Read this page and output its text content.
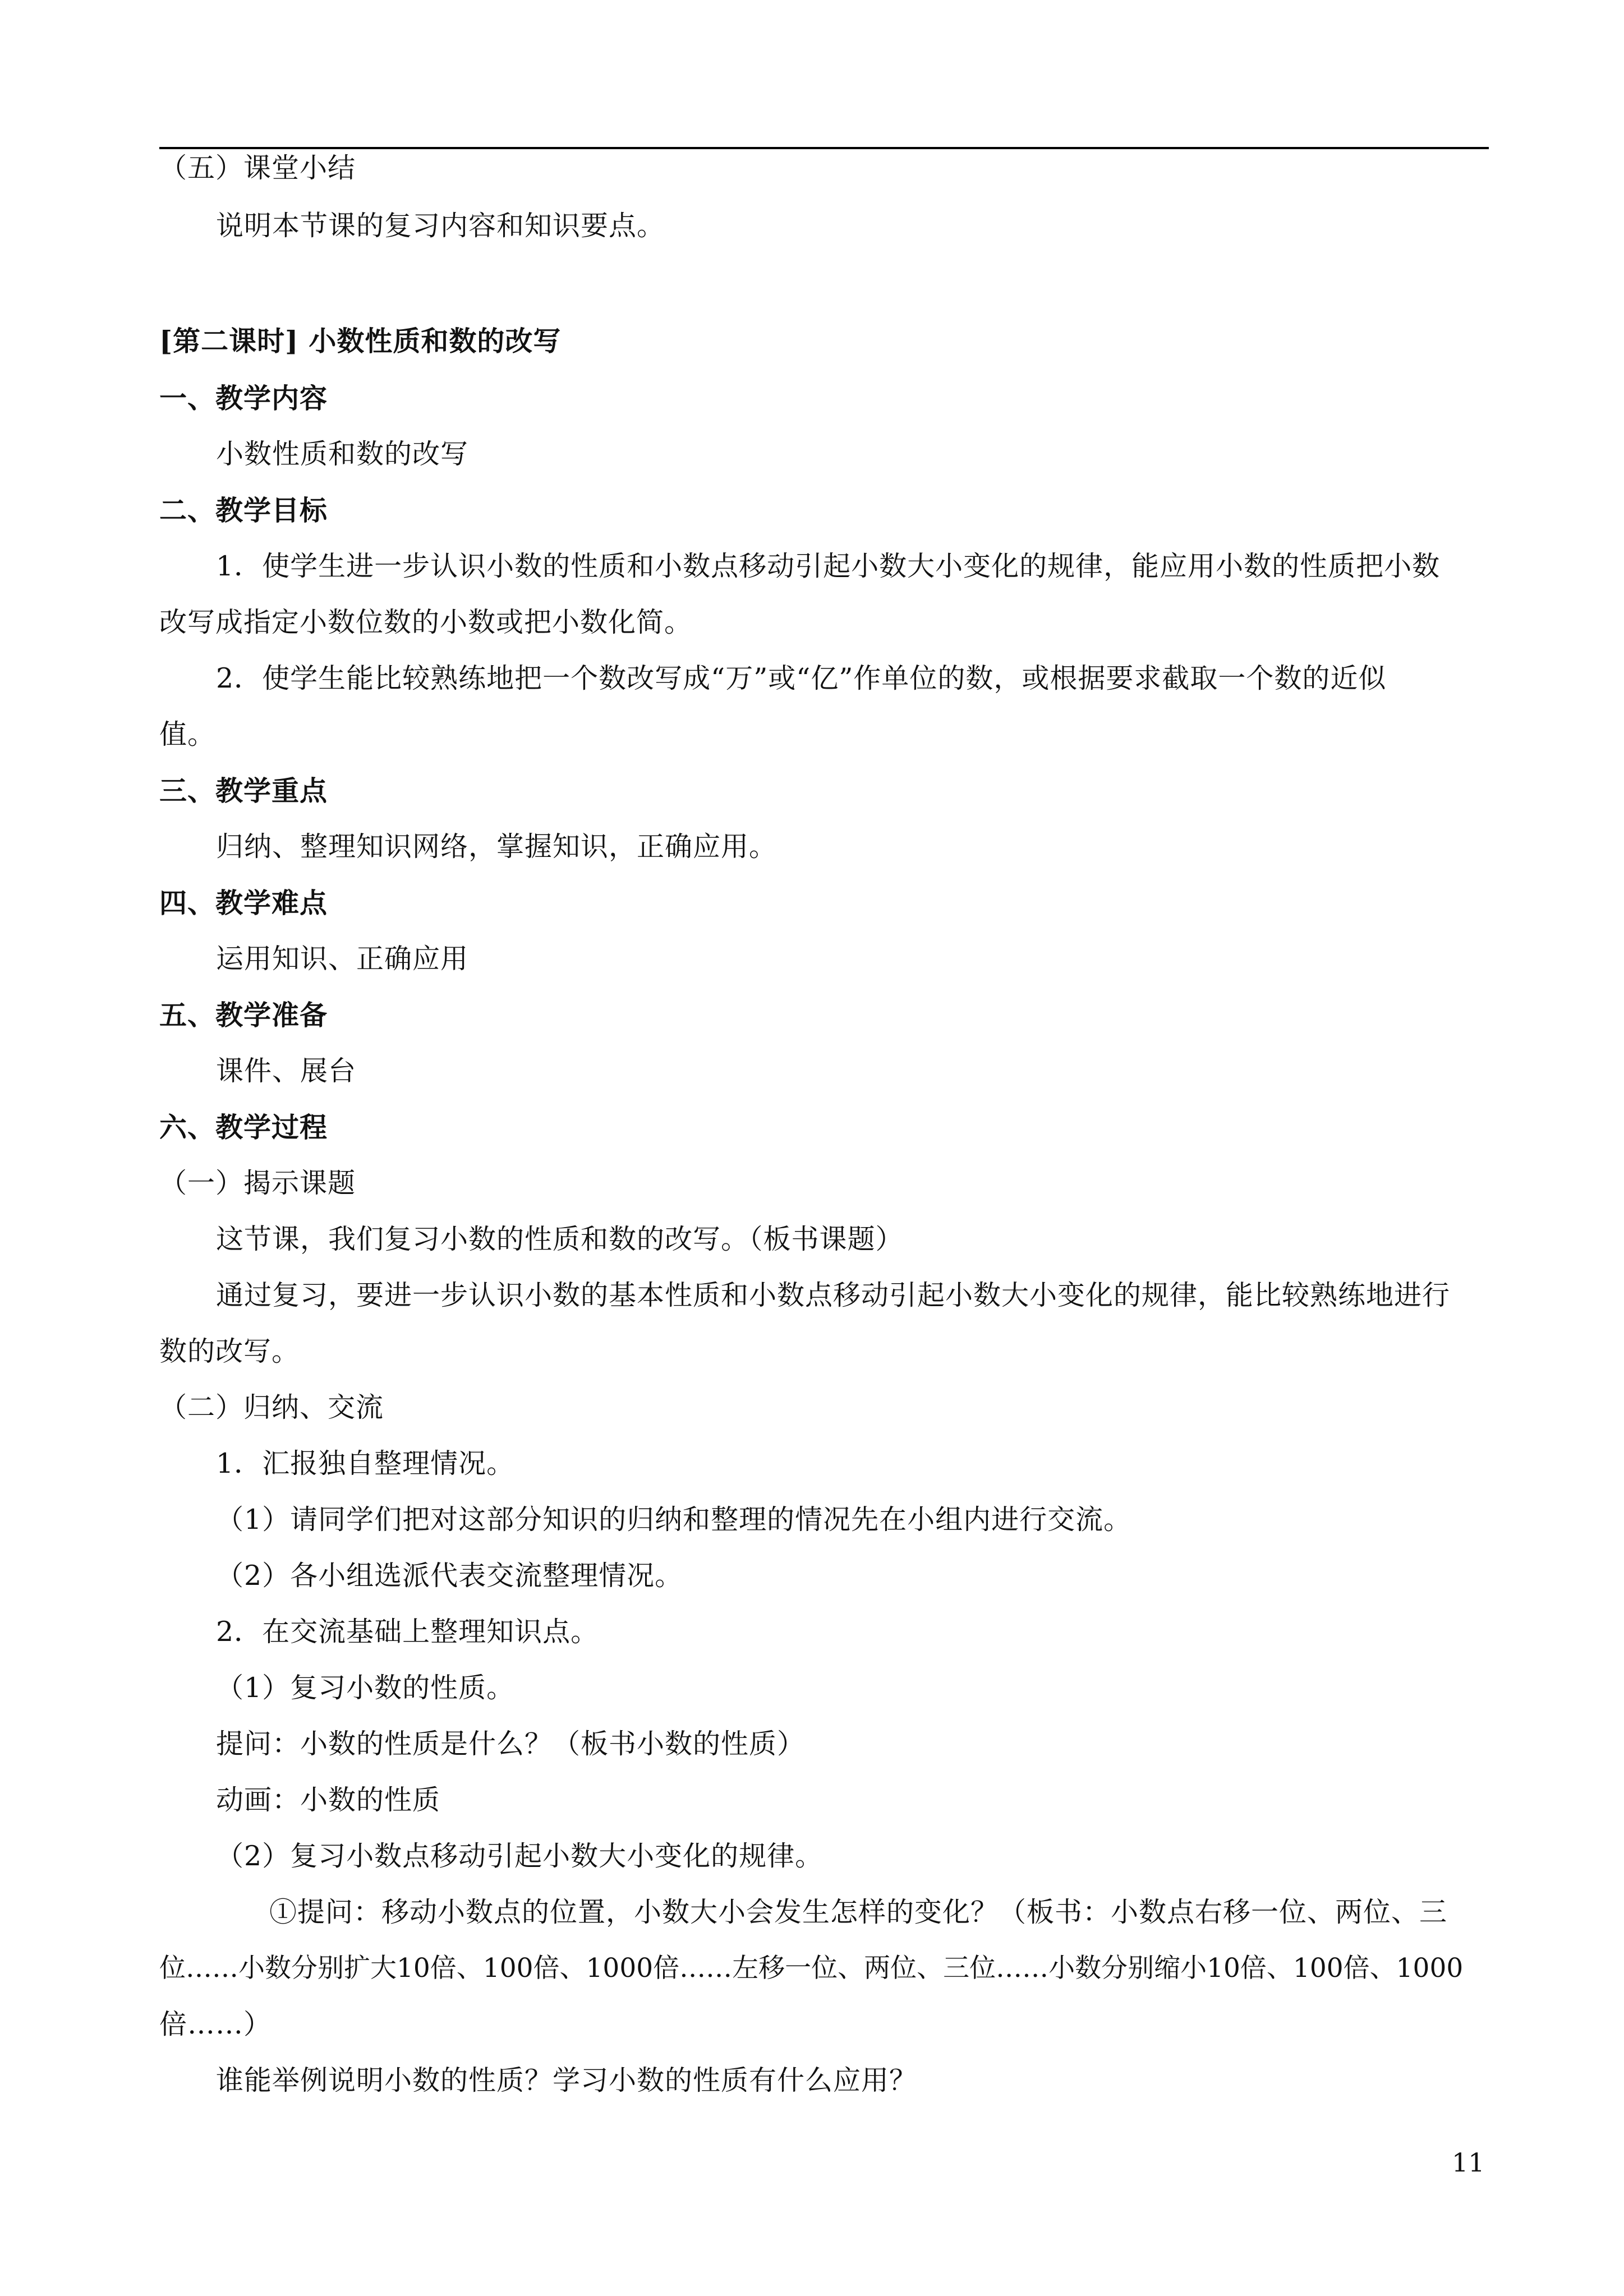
（五）课堂小结
说明本节课的复习内容和知识要点。
[第二课时] 小数性质和数的改写
一、教学内容
小数性质和数的改写
二、教学目标
1．使学生进一步认识小数的性质和小数点移动引起小数大小变化的规律，能应用小数的性质把小数
改写成指定小数位数的小数或把小数化简。
2．使学生能比较熟练地把一个数改写成“万”或“亿”作单位的数，或根据要求截取一个数的近似
值。
三、教学重点
归纳、整理知识网络，掌握知识，正确应用。
四、教学难点
运用知识、正确应用
五、教学准备
课件、展台
六、教学过程
（一）揭示课题
这节课，我们复习小数的性质和数的改写。（板书课题）
通过复习，要进一步认识小数的基本性质和小数点移动引起小数大小变化的规律，能比较熟练地进行
数的改写。
（二）归纳、交流
1．汇报独自整理情况。
（1）请同学们把对这部分知识的归纳和整理的情况先在小组内进行交流。
（2）各小组选派代表交流整理情况。
2．在交流基础上整理知识点。
（1）复习小数的性质。
提问：小数的性质是什么？（板书小数的性质）
动画：小数的性质
（2）复习小数点移动引起小数大小变化的规律。
①提问：移动小数点的位置，小数大小会发生怎样的变化？（板书：小数点右移一位、两位、三
位……小数分别扩大10倍、100倍、1000倍……左移一位、两位、三位……小数分别缩小10倍、100倍、1000
倍……）
谁能举例说明小数的性质？学习小数的性质有什么应用？
11
